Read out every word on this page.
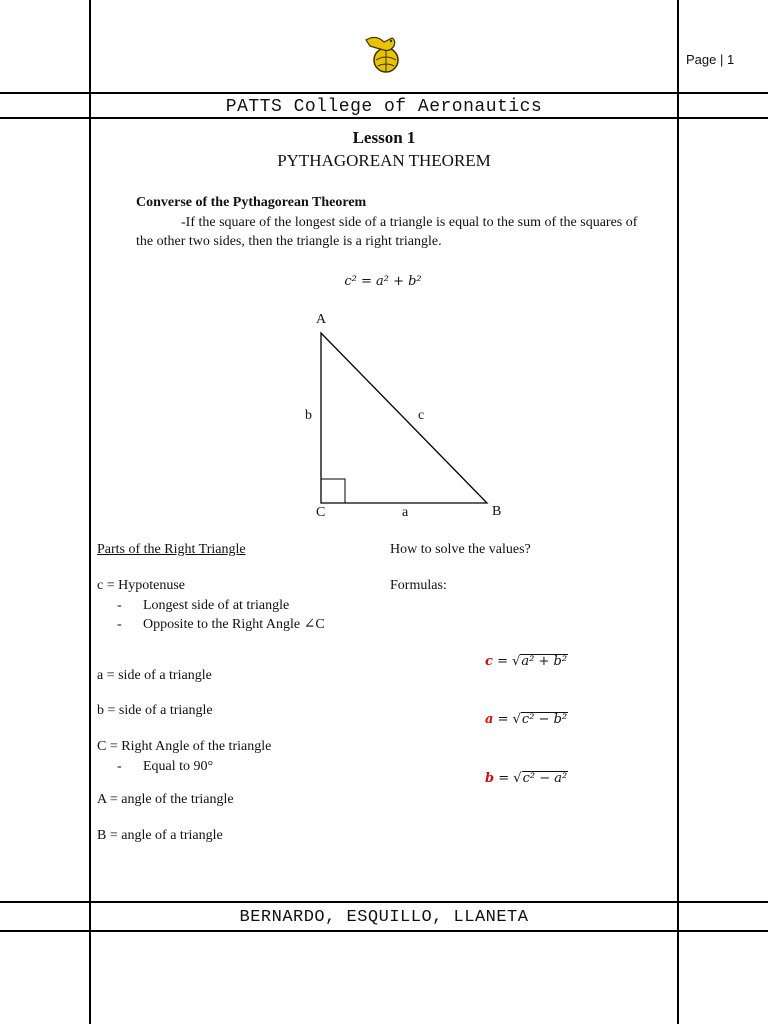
Page | 1
PATTS College of Aeronautics
Lesson 1
PYTHAGOREAN THEOREM
Converse of the Pythagorean Theorem
-If the square of the longest side of a triangle is equal to the sum of the squares of
the other two sides, then the triangle is a right triangle.
c² = a² + b²
A
B
C	a
b	c
Parts of the Right Triangle
c = Hypotenuse
- Longest side of at triangle
- Opposite to the Right Angle ∠C
a = side of a triangle
b = side of a triangle
C = Right Angle of the triangle
- Equal to 90°
A = angle of the triangle
B = angle of a triangle
How to solve the values?
Formulas:
c = √a² + b²
a = √c² − b²
b = √c² − a²
BERNARDO, ESQUILLO, LLANETA
